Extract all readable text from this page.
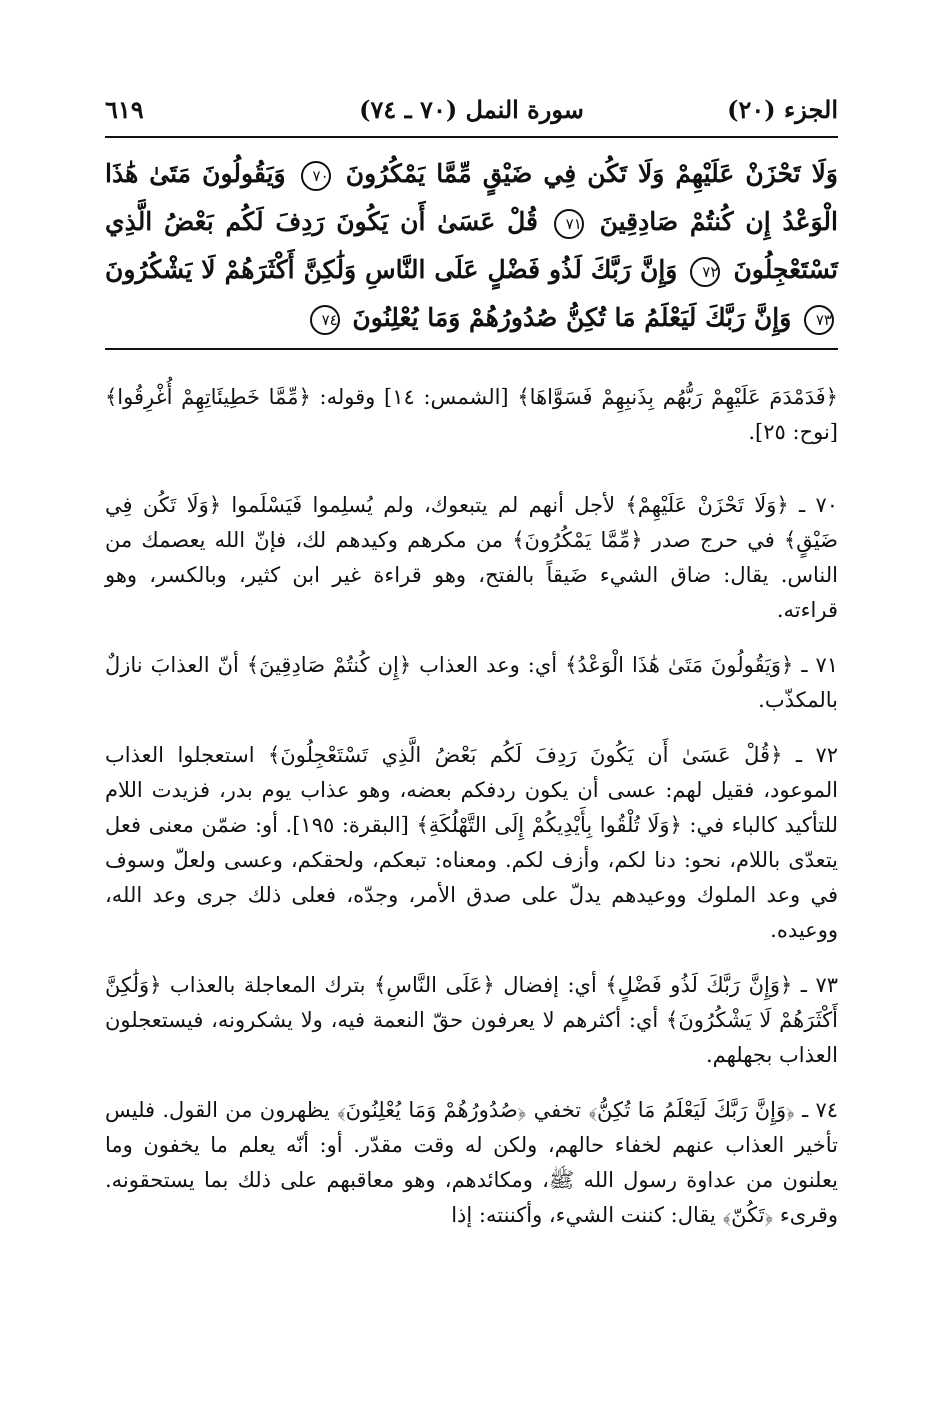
الجزء (٢٠)
سورة النمل (٧٠ ـ ٧٤)
٦١٩
وَلَا تَحْزَنْ عَلَيْهِمْ وَلَا تَكُن فِي ضَيْقٍ مِّمَّا يَمْكُرُونَ ٧٠ وَيَقُولُونَ مَتَىٰ هَٰذَا الْوَعْدُ إِن كُنتُمْ صَادِقِينَ ٧١ قُلْ عَسَىٰ أَن يَكُونَ رَدِفَ لَكُم بَعْضُ الَّذِي تَسْتَعْجِلُونَ ٧٢ وَإِنَّ رَبَّكَ لَذُو فَضْلٍ عَلَى النَّاسِ وَلَٰكِنَّ أَكْثَرَهُمْ لَا يَشْكُرُونَ ٧٣ وَإِنَّ رَبَّكَ لَيَعْلَمُ مَا تُكِنُّ صُدُورُهُمْ وَمَا يُعْلِنُونَ ٧٤

﴿فَدَمْدَمَ عَلَيْهِمْ رَبُّهُم بِذَنبِهِمْ فَسَوَّاهَا﴾ [الشمس: ١٤] وقوله: ﴿مِّمَّا خَطِيئَاتِهِمْ أُغْرِقُوا﴾ [نوح: ٢٥].

٧٠ ـ ﴿وَلَا تَحْزَنْ عَلَيْهِمْ﴾ لأجل أنهم لم يتبعوك، ولم يُسلِموا فَيَسْلَموا ﴿وَلَا تَكُن فِي ضَيْقٍ﴾ في حرج صدر ﴿مِّمَّا يَمْكُرُونَ﴾ من مكرهم وكيدهم لك، فإنّ الله يعصمك من الناس. يقال: ضاق الشيء ضَيقاً بالفتح، وهو قراءة غير ابن كثير، وبالكسر، وهو قراءته.

٧١ ـ ﴿وَيَقُولُونَ مَتَىٰ هَٰذَا الْوَعْدُ﴾ أي: وعد العذاب ﴿إِن كُنتُمْ صَادِقِينَ﴾ أنّ العذابَ نازلٌ بالمكذّب.

٧٢ ـ ﴿قُلْ عَسَىٰ أَن يَكُونَ رَدِفَ لَكُم بَعْضُ الَّذِي تَسْتَعْجِلُونَ﴾ استعجلوا العذاب الموعود، فقيل لهم: عسى أن يكون ردفكم بعضه، وهو عذاب يوم بدر، فزيدت اللام للتأكيد كالباء في: ﴿وَلَا تُلْقُوا بِأَيْدِيكُمْ إِلَى التَّهْلُكَةِ﴾ [البقرة: ١٩٥]. أو: ضمّن معنى فعل يتعدّى باللام، نحو: دنا لكم، وأزف لكم. ومعناه: تبعكم، ولحقكم، وعسى ولعلّ وسوف في وعد الملوك ووعيدهم يدلّ على صدق الأمر، وجدّه، فعلى ذلك جرى وعد الله، ووعيده.

٧٣ ـ ﴿وَإِنَّ رَبَّكَ لَذُو فَضْلٍ﴾ أي: إفضال ﴿عَلَى النَّاسِ﴾ بترك المعاجلة بالعذاب ﴿وَلَٰكِنَّ أَكْثَرَهُمْ لَا يَشْكُرُونَ﴾ أي: أكثرهم لا يعرفون حقّ النعمة فيه، ولا يشكرونه، فيستعجلون العذاب بجهلهم.

٧٤ ـ ﴿وَإِنَّ رَبَّكَ لَيَعْلَمُ مَا تُكِنُّ﴾ تخفي ﴿صُدُورُهُمْ وَمَا يُعْلِنُونَ﴾ يظهرون من القول. فليس تأخير العذاب عنهم لخفاء حالهم، ولكن له وقت مقدّر. أو: أنّه يعلم ما يخفون وما يعلنون من عداوة رسول الله ﷺ، ومكائدهم، وهو معاقبهم على ذلك بما يستحقونه. وقرىء ﴿تَكُنّ﴾ يقال: كننت الشيء، وأكننته: إذا
